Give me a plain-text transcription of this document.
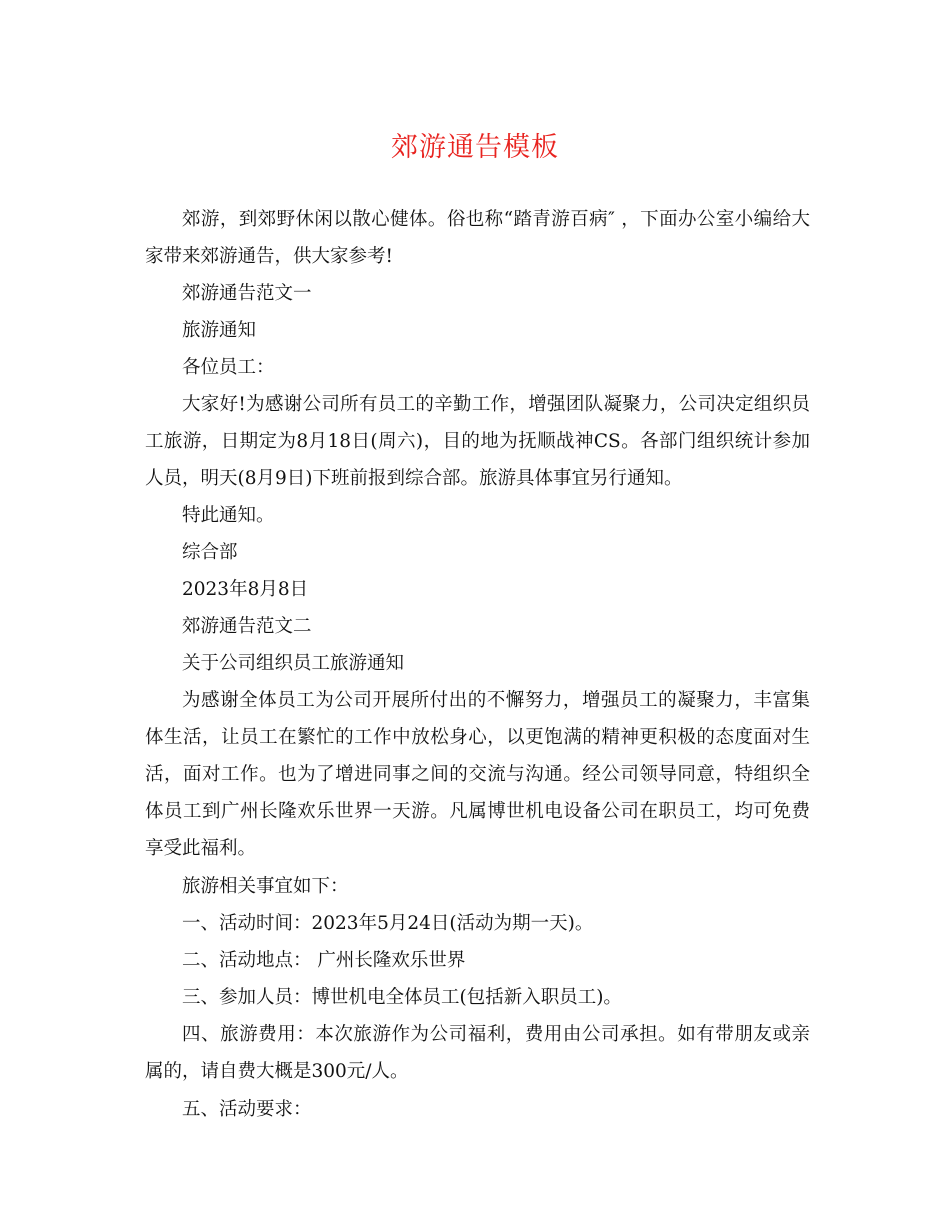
郊游通告模板

郊游，到郊野休闲以散心健体。俗也称“踏青游百病″ ，下面办公室小编给大家带来郊游通告，供大家参考!

郊游通告范文一

旅游通知

各位员工：

大家好!为感谢公司所有员工的辛勤工作，增强团队凝聚力，公司决定组织员工旅游，日期定为8月18日(周六)，目的地为抚顺战神CS。各部门组织统计参加人员，明天(8月9日)下班前报到综合部。旅游具体事宜另行通知。

特此通知。

综合部

2023年8月8日

郊游通告范文二

关于公司组织员工旅游通知

为感谢全体员工为公司开展所付出的不懈努力，增强员工的凝聚力，丰富集体生活，让员工在繁忙的工作中放松身心，以更饱满的精神更积极的态度面对生活，面对工作。也为了增进同事之间的交流与沟通。经公司领导同意，特组织全体员工到广州长隆欢乐世界一天游。凡属博世机电设备公司在职员工，均可免费享受此福利。

旅游相关事宜如下：

一、活动时间：2023年5月24日(活动为期一天)。

二、活动地点： 广州长隆欢乐世界

三、参加人员：博世机电全体员工(包括新入职员工)。

四、旅游费用：本次旅游作为公司福利，费用由公司承担。如有带朋友或亲属的，请自费大概是300元/人。

五、活动要求：
